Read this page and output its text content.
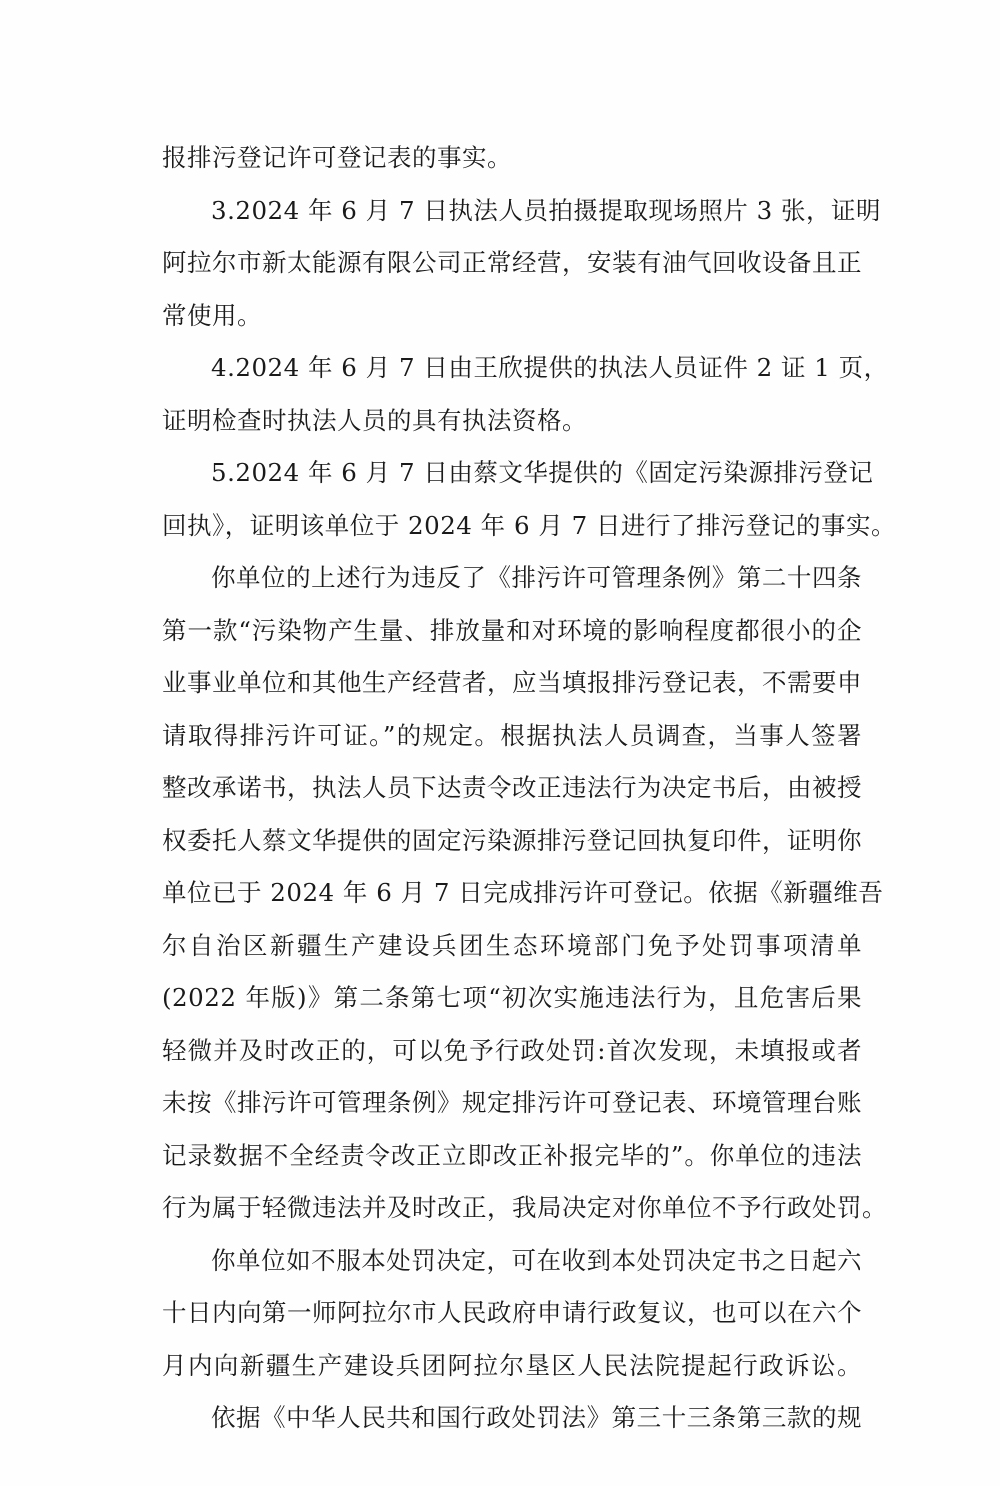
报排污登记许可登记表的事实。
3.2024 年 6 月 7 日执法人员拍摄提取现场照片 3 张，证明
阿拉尔市新太能源有限公司正常经营，安装有油气回收设备且正
常使用。
4.2024 年 6 月 7 日由王欣提供的执法人员证件 2 证 1 页，
证明检查时执法人员的具有执法资格。
5.2024 年 6 月 7 日由蔡文华提供的《固定污染源排污登记
回执》，证明该单位于 2024 年 6 月 7 日进行了排污登记的事实。
你单位的上述行为违反了《排污许可管理条例》第二十四条
第一款“污染物产生量、排放量和对环境的影响程度都很小的企
业事业单位和其他生产经营者，应当填报排污登记表，不需要申
请取得排污许可证。”的规定。根据执法人员调查，当事人签署
整改承诺书，执法人员下达责令改正违法行为决定书后，由被授
权委托人蔡文华提供的固定污染源排污登记回执复印件，证明你
单位已于 2024 年 6 月 7 日完成排污许可登记。依据《新疆维吾
尔自治区新疆生产建设兵团生态环境部门免予处罚事项清单
(2022 年版)》第二条第七项“初次实施违法行为，且危害后果
轻微并及时改正的，可以免予行政处罚:首次发现，未填报或者
未按《排污许可管理条例》规定排污许可登记表、环境管理台账
记录数据不全经责令改正立即改正补报完毕的”。你单位的违法
行为属于轻微违法并及时改正，我局决定对你单位不予行政处罚。
你单位如不服本处罚决定，可在收到本处罚决定书之日起六
十日内向第一师阿拉尔市人民政府申请行政复议，也可以在六个
月内向新疆生产建设兵团阿拉尔垦区人民法院提起行政诉讼。
依据《中华人民共和国行政处罚法》第三十三条第三款的规
